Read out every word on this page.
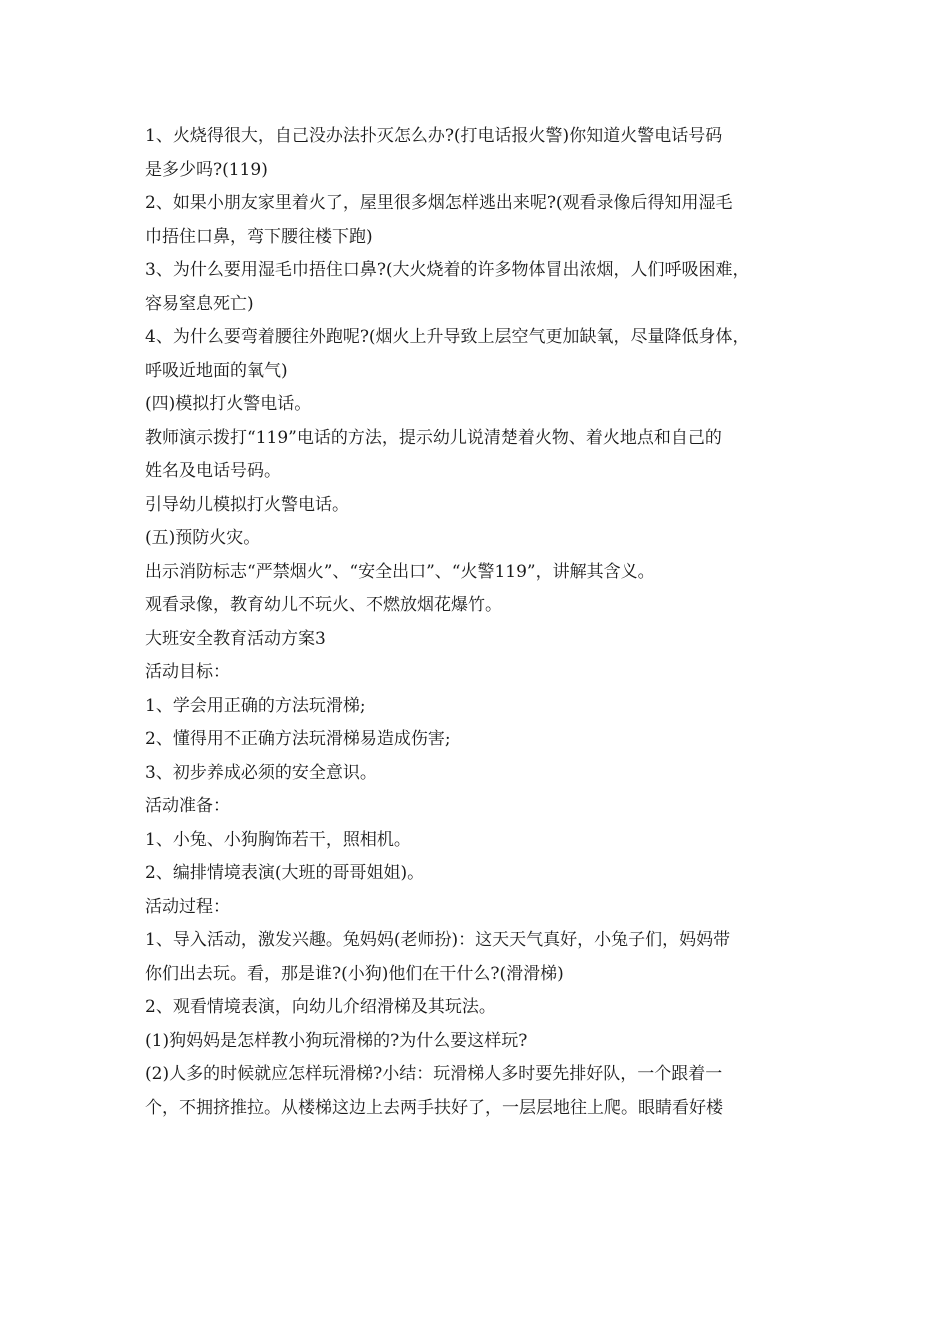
1、火烧得很大，自己没办法扑灭怎么办?(打电话报火警)你知道火警电话号码

是多少吗?(119)

2、如果小朋友家里着火了，屋里很多烟怎样逃出来呢?(观看录像后得知用湿毛

巾捂住口鼻，弯下腰往楼下跑)

3、为什么要用湿毛巾捂住口鼻?(大火烧着的许多物体冒出浓烟，人们呼吸困难，

容易窒息死亡)

4、为什么要弯着腰往外跑呢?(烟火上升导致上层空气更加缺氧，尽量降低身体，

呼吸近地面的氧气)

(四)模拟打火警电话。

教师演示拨打“119”电话的方法，提示幼儿说清楚着火物、着火地点和自己的

姓名及电话号码。

引导幼儿模拟打火警电话。

(五)预防火灾。

出示消防标志“严禁烟火”、“安全出口”、“火警119”，讲解其含义。

观看录像，教育幼儿不玩火、不燃放烟花爆竹。

大班安全教育活动方案3

活动目标：

1、学会用正确的方法玩滑梯;

2、懂得用不正确方法玩滑梯易造成伤害;

3、初步养成必须的安全意识。

活动准备：

1、小兔、小狗胸饰若干，照相机。

2、编排情境表演(大班的哥哥姐姐)。

活动过程：

1、导入活动，激发兴趣。兔妈妈(老师扮)：这天天气真好，小兔子们，妈妈带

你们出去玩。看，那是谁?(小狗)他们在干什么?(滑滑梯)

2、观看情境表演，向幼儿介绍滑梯及其玩法。

(1)狗妈妈是怎样教小狗玩滑梯的?为什么要这样玩?

(2)人多的时候就应怎样玩滑梯?小结：玩滑梯人多时要先排好队，一个跟着一

个，不拥挤推拉。从楼梯这边上去两手扶好了，一层层地往上爬。眼睛看好楼
